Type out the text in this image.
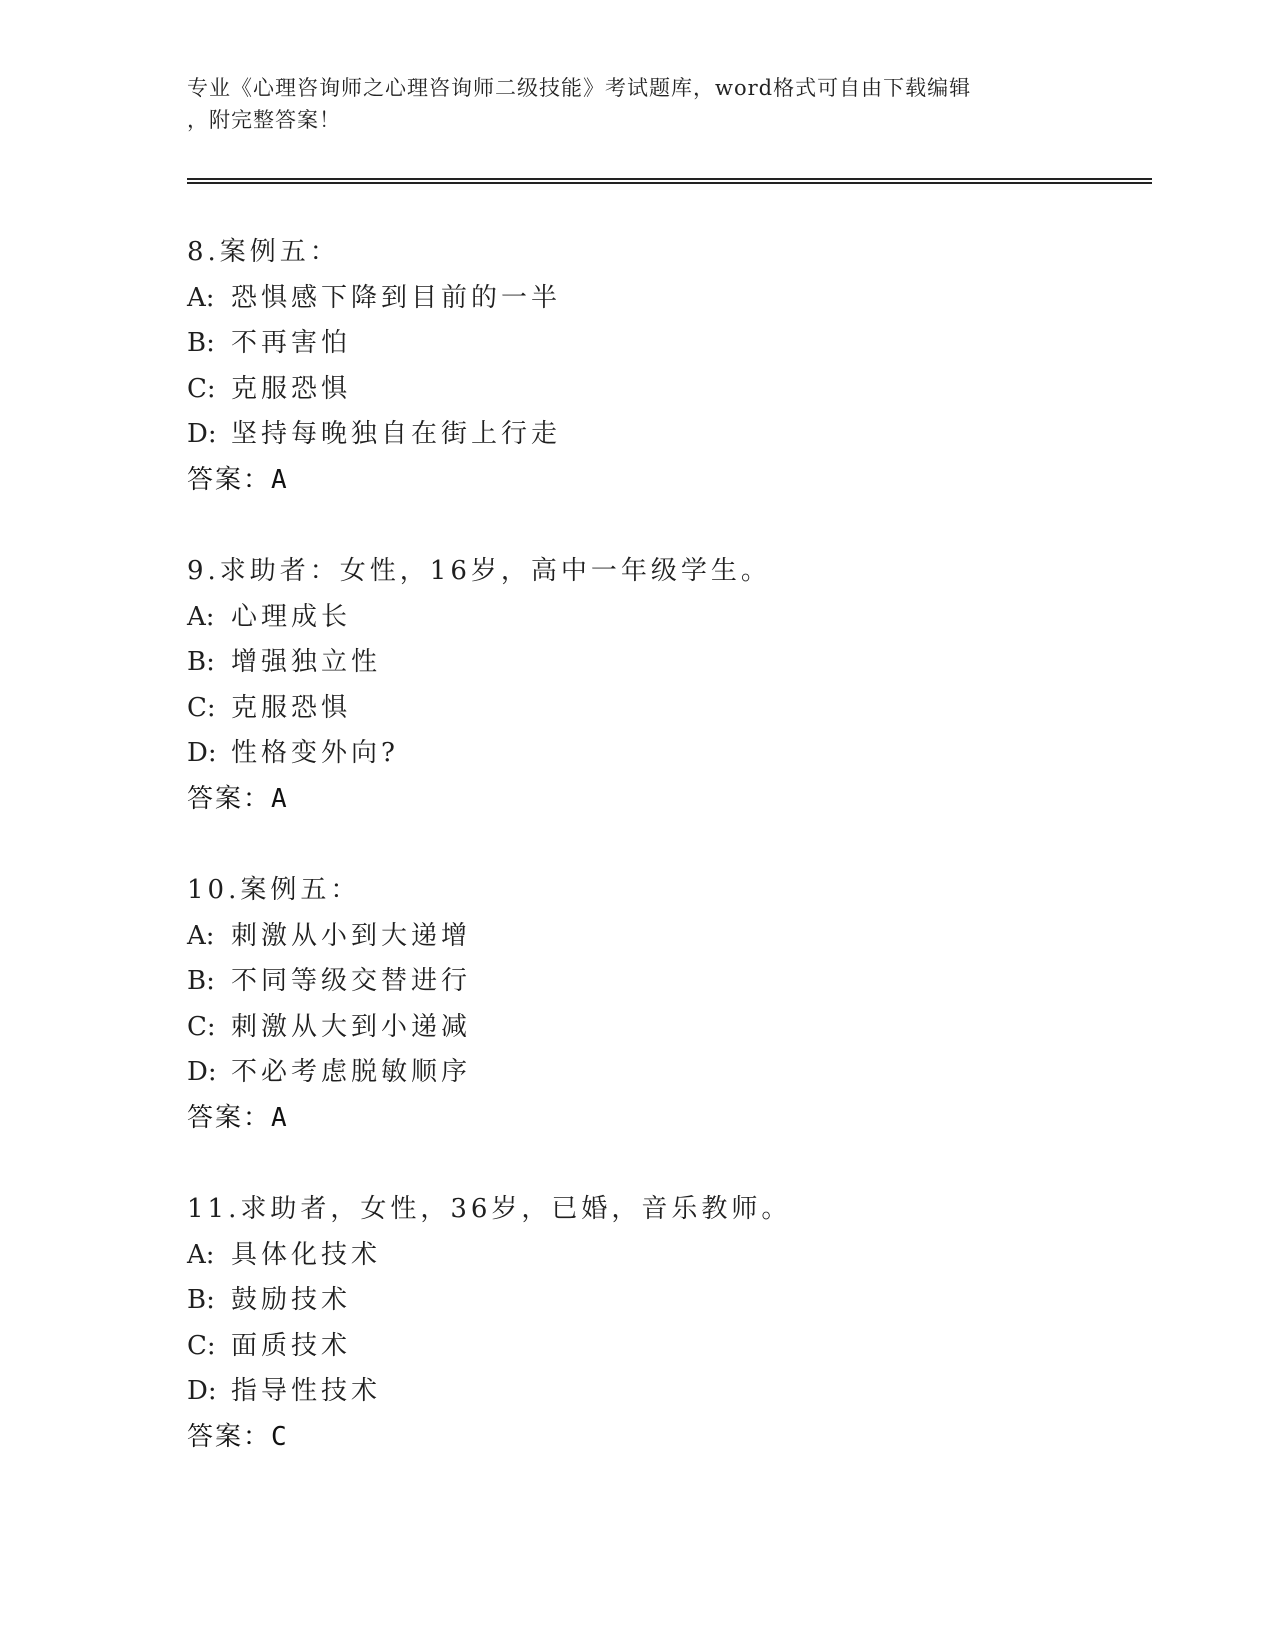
专业《心理咨询师之心理咨询师二级技能》考试题库，word格式可自由下载编辑
，附完整答案！
8.案例五：
A: 恐惧感下降到目前的一半
B: 不再害怕
C: 克服恐惧
D: 坚持每晚独自在街上行走
答案：A
9.求助者：女性，16岁，高中一年级学生。
A: 心理成长
B: 增强独立性
C: 克服恐惧
D: 性格变外向?
答案：A
10.案例五：
A: 刺激从小到大递增
B: 不同等级交替进行
C: 刺激从大到小递减
D: 不必考虑脱敏顺序
答案：A
11.求助者，女性，36岁，已婚，音乐教师。
A: 具体化技术
B: 鼓励技术
C: 面质技术
D: 指导性技术
答案：C
